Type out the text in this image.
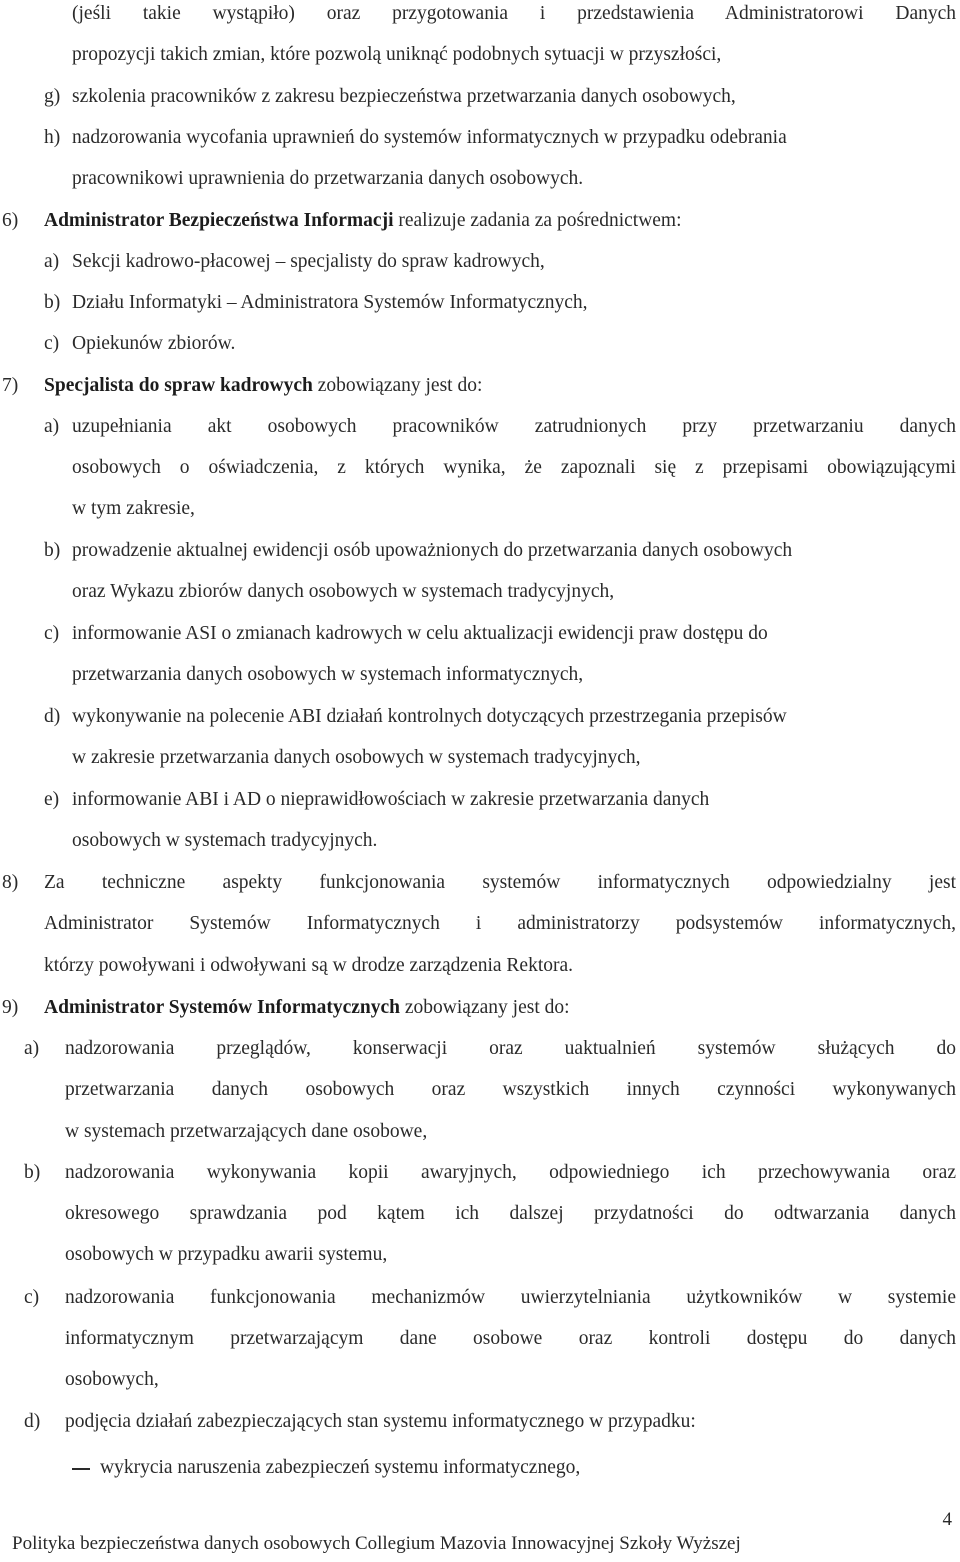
(jeśli takie wystąpiło) oraz przygotowania i przedstawienia Administratorowi Danych
propozycji takich zmian, które pozwolą uniknąć podobnych sytuacji w przyszłości,
g) szkolenia pracowników z zakresu bezpieczeństwa przetwarzania danych osobowych,
h) nadzorowania wycofania uprawnień do systemów informatycznych w przypadku odebrania
pracownikowi uprawnienia do przetwarzania danych osobowych.
6) Administrator Bezpieczeństwa Informacji realizuje zadania za pośrednictwem:
a) Sekcji kadrowo-płacowej – specjalisty do spraw kadrowych,
b) Działu Informatyki – Administratora Systemów Informatycznych,
c) Opiekunów zbiorów.
7) Specjalista do spraw kadrowych zobowiązany jest do:
a) uzupełniania akt osobowych pracowników zatrudnionych przy przetwarzaniu danych
osobowych o oświadczenia, z których wynika, że zapoznali się z przepisami obowiązującymi
w tym zakresie,
b) prowadzenie aktualnej ewidencji osób upoważnionych do przetwarzania danych osobowych
oraz Wykazu zbiorów danych osobowych w systemach tradycyjnych,
c) informowanie ASI o zmianach kadrowych w celu aktualizacji ewidencji praw dostępu do
przetwarzania danych osobowych w systemach informatycznych,
d) wykonywanie na polecenie ABI działań kontrolnych dotyczących przestrzegania przepisów
w zakresie przetwarzania danych osobowych w systemach tradycyjnych,
e) informowanie ABI i AD o nieprawidłowościach w zakresie przetwarzania danych
osobowych w systemach tradycyjnych.
8) Za techniczne aspekty funkcjonowania systemów informatycznych odpowiedzialny jest
Administrator Systemów Informatycznych i administratorzy podsystemów informatycznych,
którzy powoływani i odwoływani są w drodze zarządzenia Rektora.
9) Administrator Systemów Informatycznych zobowiązany jest do:
a) nadzorowania przeglądów, konserwacji oraz uaktualnień systemów służących do
przetwarzania danych osobowych oraz wszystkich innych czynności wykonywanych
w systemach przetwarzających dane osobowe,
b) nadzorowania wykonywania kopii awaryjnych, odpowiedniego ich przechowywania oraz
okresowego sprawdzania pod kątem ich dalszej przydatności do odtwarzania danych
osobowych w przypadku awarii systemu,
c) nadzorowania funkcjonowania mechanizmów uwierzytelniania użytkowników w systemie
informatycznym przetwarzającym dane osobowe oraz kontroli dostępu do danych
osobowych,
d) podjęcia działań zabezpieczających stan systemu informatycznego w przypadku:
wykrycia naruszenia zabezpieczeń systemu informatycznego,
4
Polityka bezpieczeństwa danych osobowych Collegium Mazovia Innowacyjnej Szkoły Wyższej
